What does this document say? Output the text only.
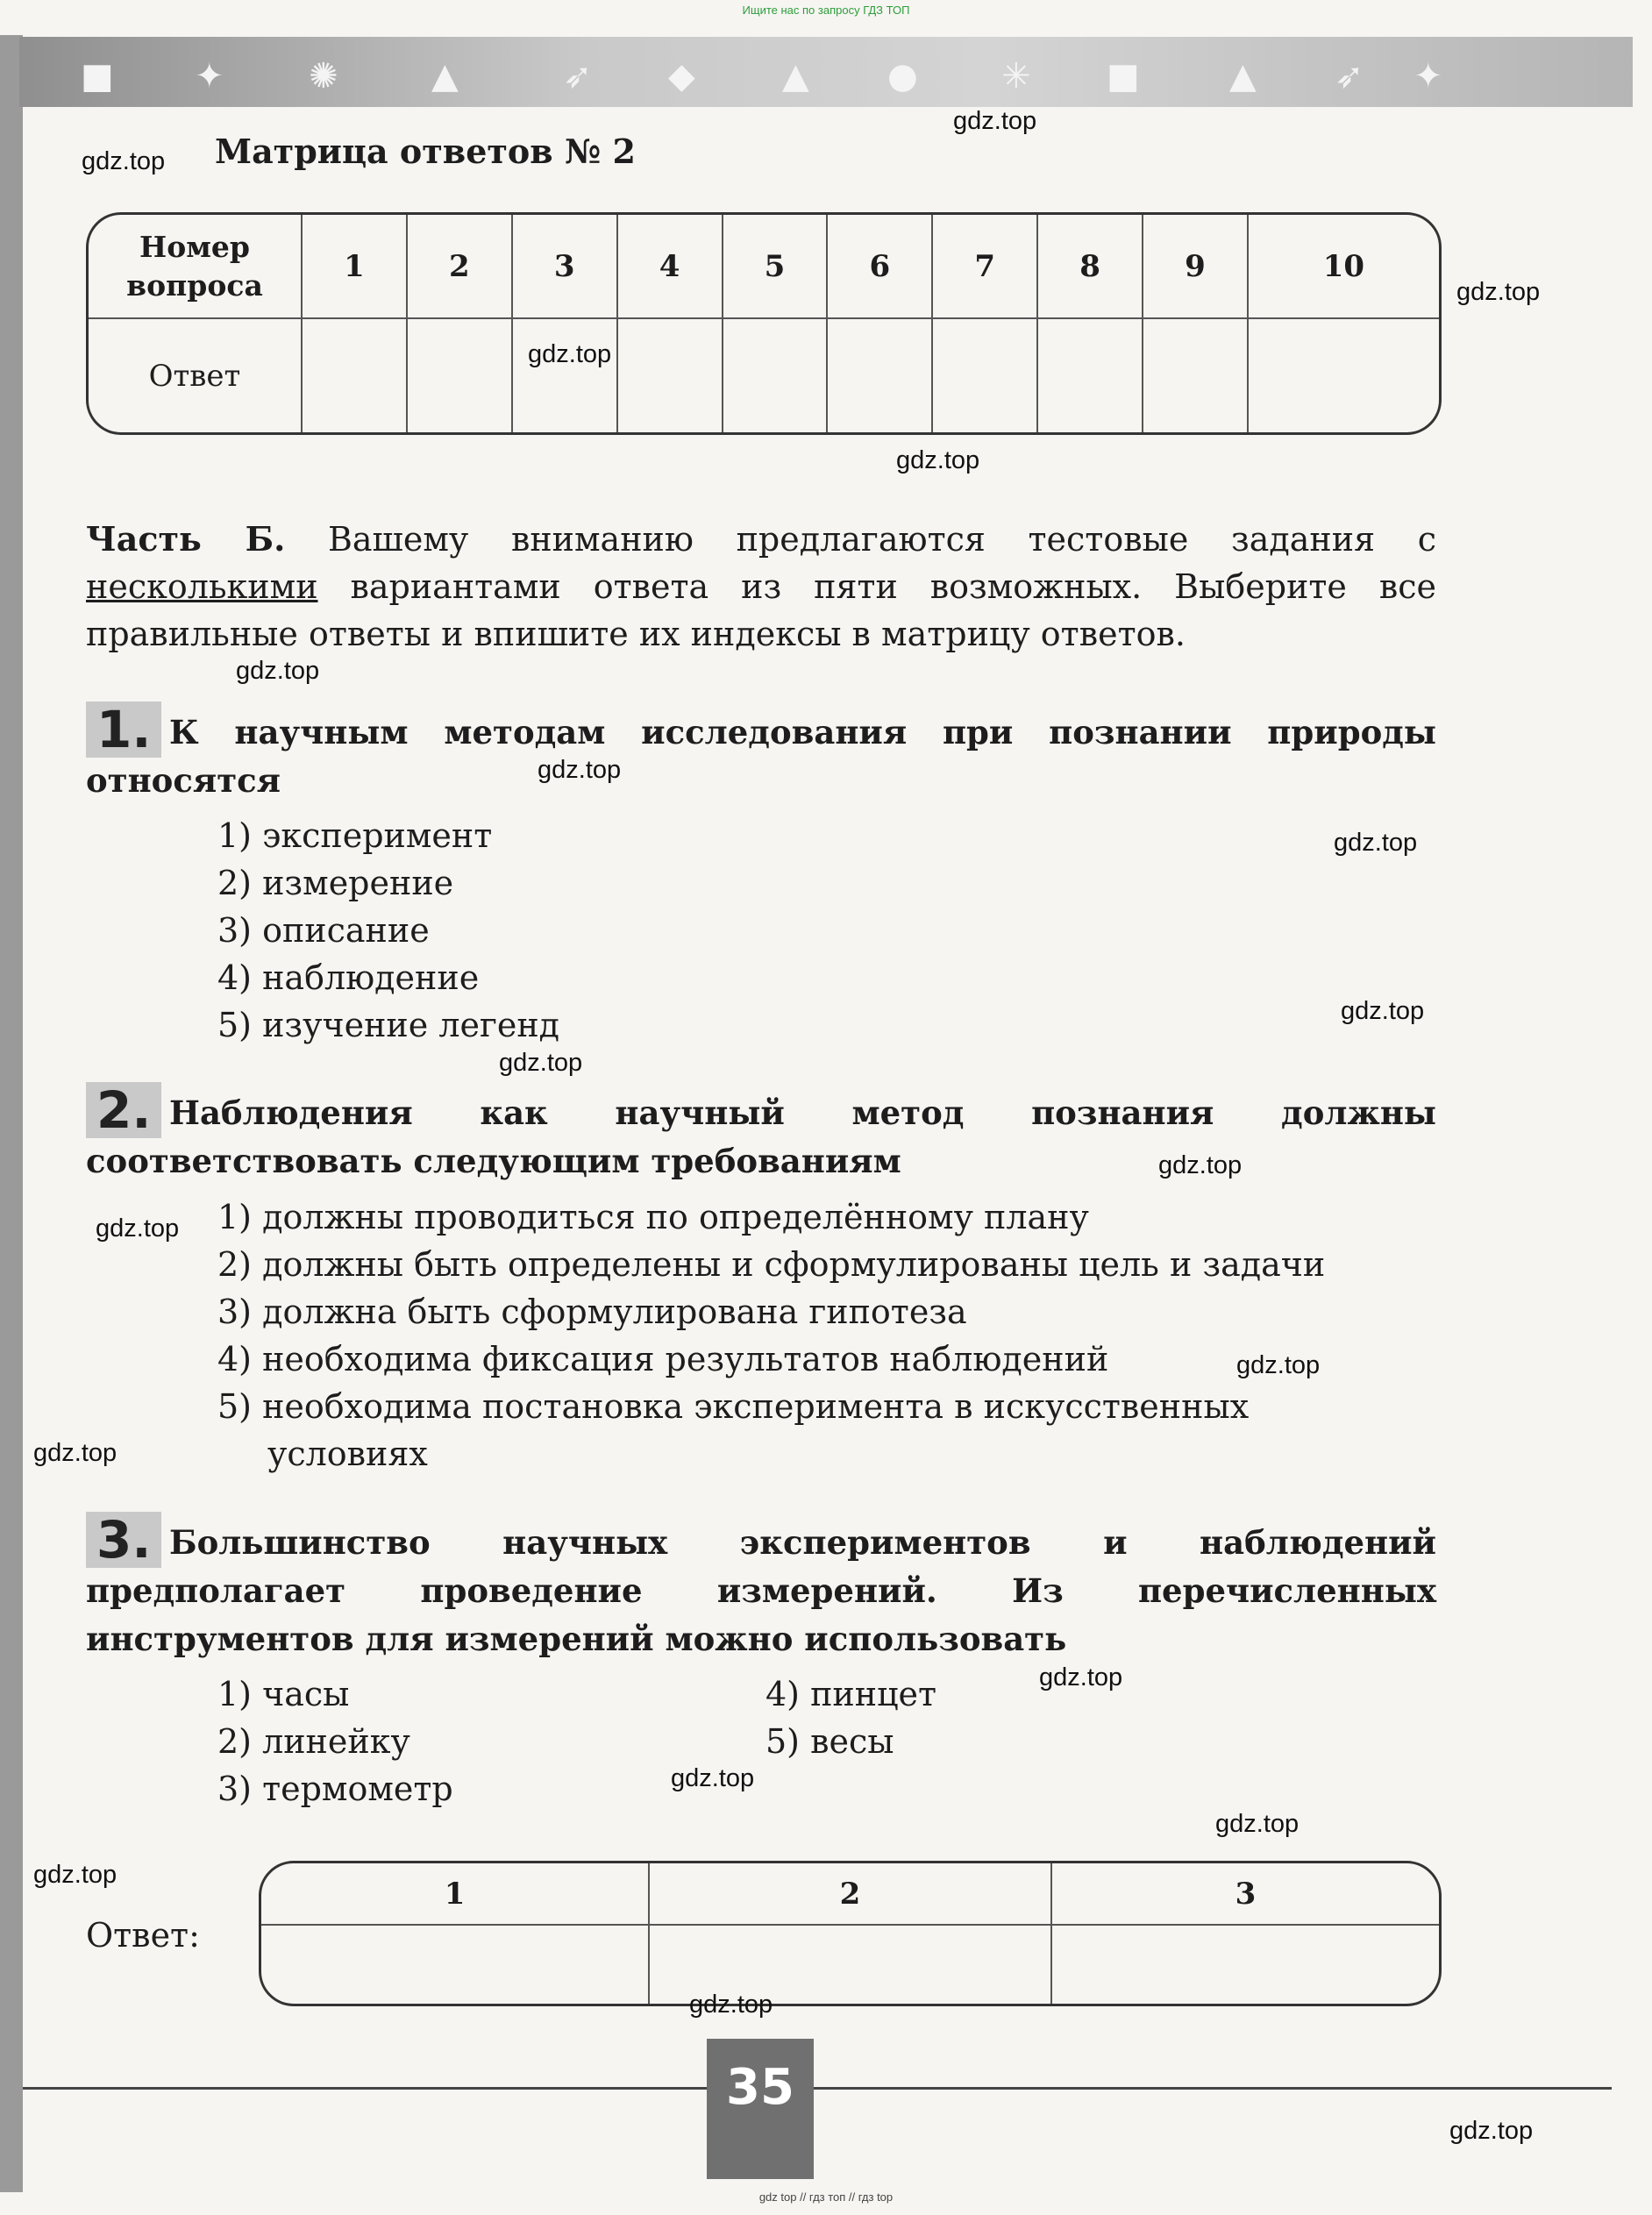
Ищите нас по запросу ГДЗ ТОП
■ ✦ ✺	▲	➶ ◆ ▲ ● ✳ ■	▲ ➶ ✦
Матрица ответов № 2
Номер вопроса	1	2	3	4	5	6	7	8	9	10
Ответ										
Часть Б. Вашему вниманию предлагаются тестовые задания с несколькими вариантами ответа из пяти возможных. Выберите все правильные ответы и впишите их индексы в матрицу ответов.
1. К научным методам исследования при познании природы относятся
1) эксперимент
2) измерение
3) описание
4) наблюдение
5) изучение легенд
2. Наблюдения как научный метод познания должны соответствовать следующим требованиям
1) должны проводиться по определённому плану
2) должны быть определены и сформулированы цель и задачи
3) должна быть сформулирована гипотеза
4) необходима фиксация результатов наблюдений
5) необходима постановка эксперимента в искусственных
условиях
3. Большинство научных экспериментов и наблюдений предполагает проведение измерений. Из перечисленных инструментов для измерений можно использовать
1) часы
2) линейку
3) термометр
4) пинцет
5) весы
Ответ:
1	2	3

35
gdz top // гдз топ // гдз top
gdz.top
gdz.top
gdz.top
gdz.top
gdz.top
gdz.top
gdz.top
gdz.top
gdz.top
gdz.top
gdz.top
gdz.top
gdz.top
gdz.top
gdz.top
gdz.top
gdz.top
gdz.top
gdz.top
gdz.top
